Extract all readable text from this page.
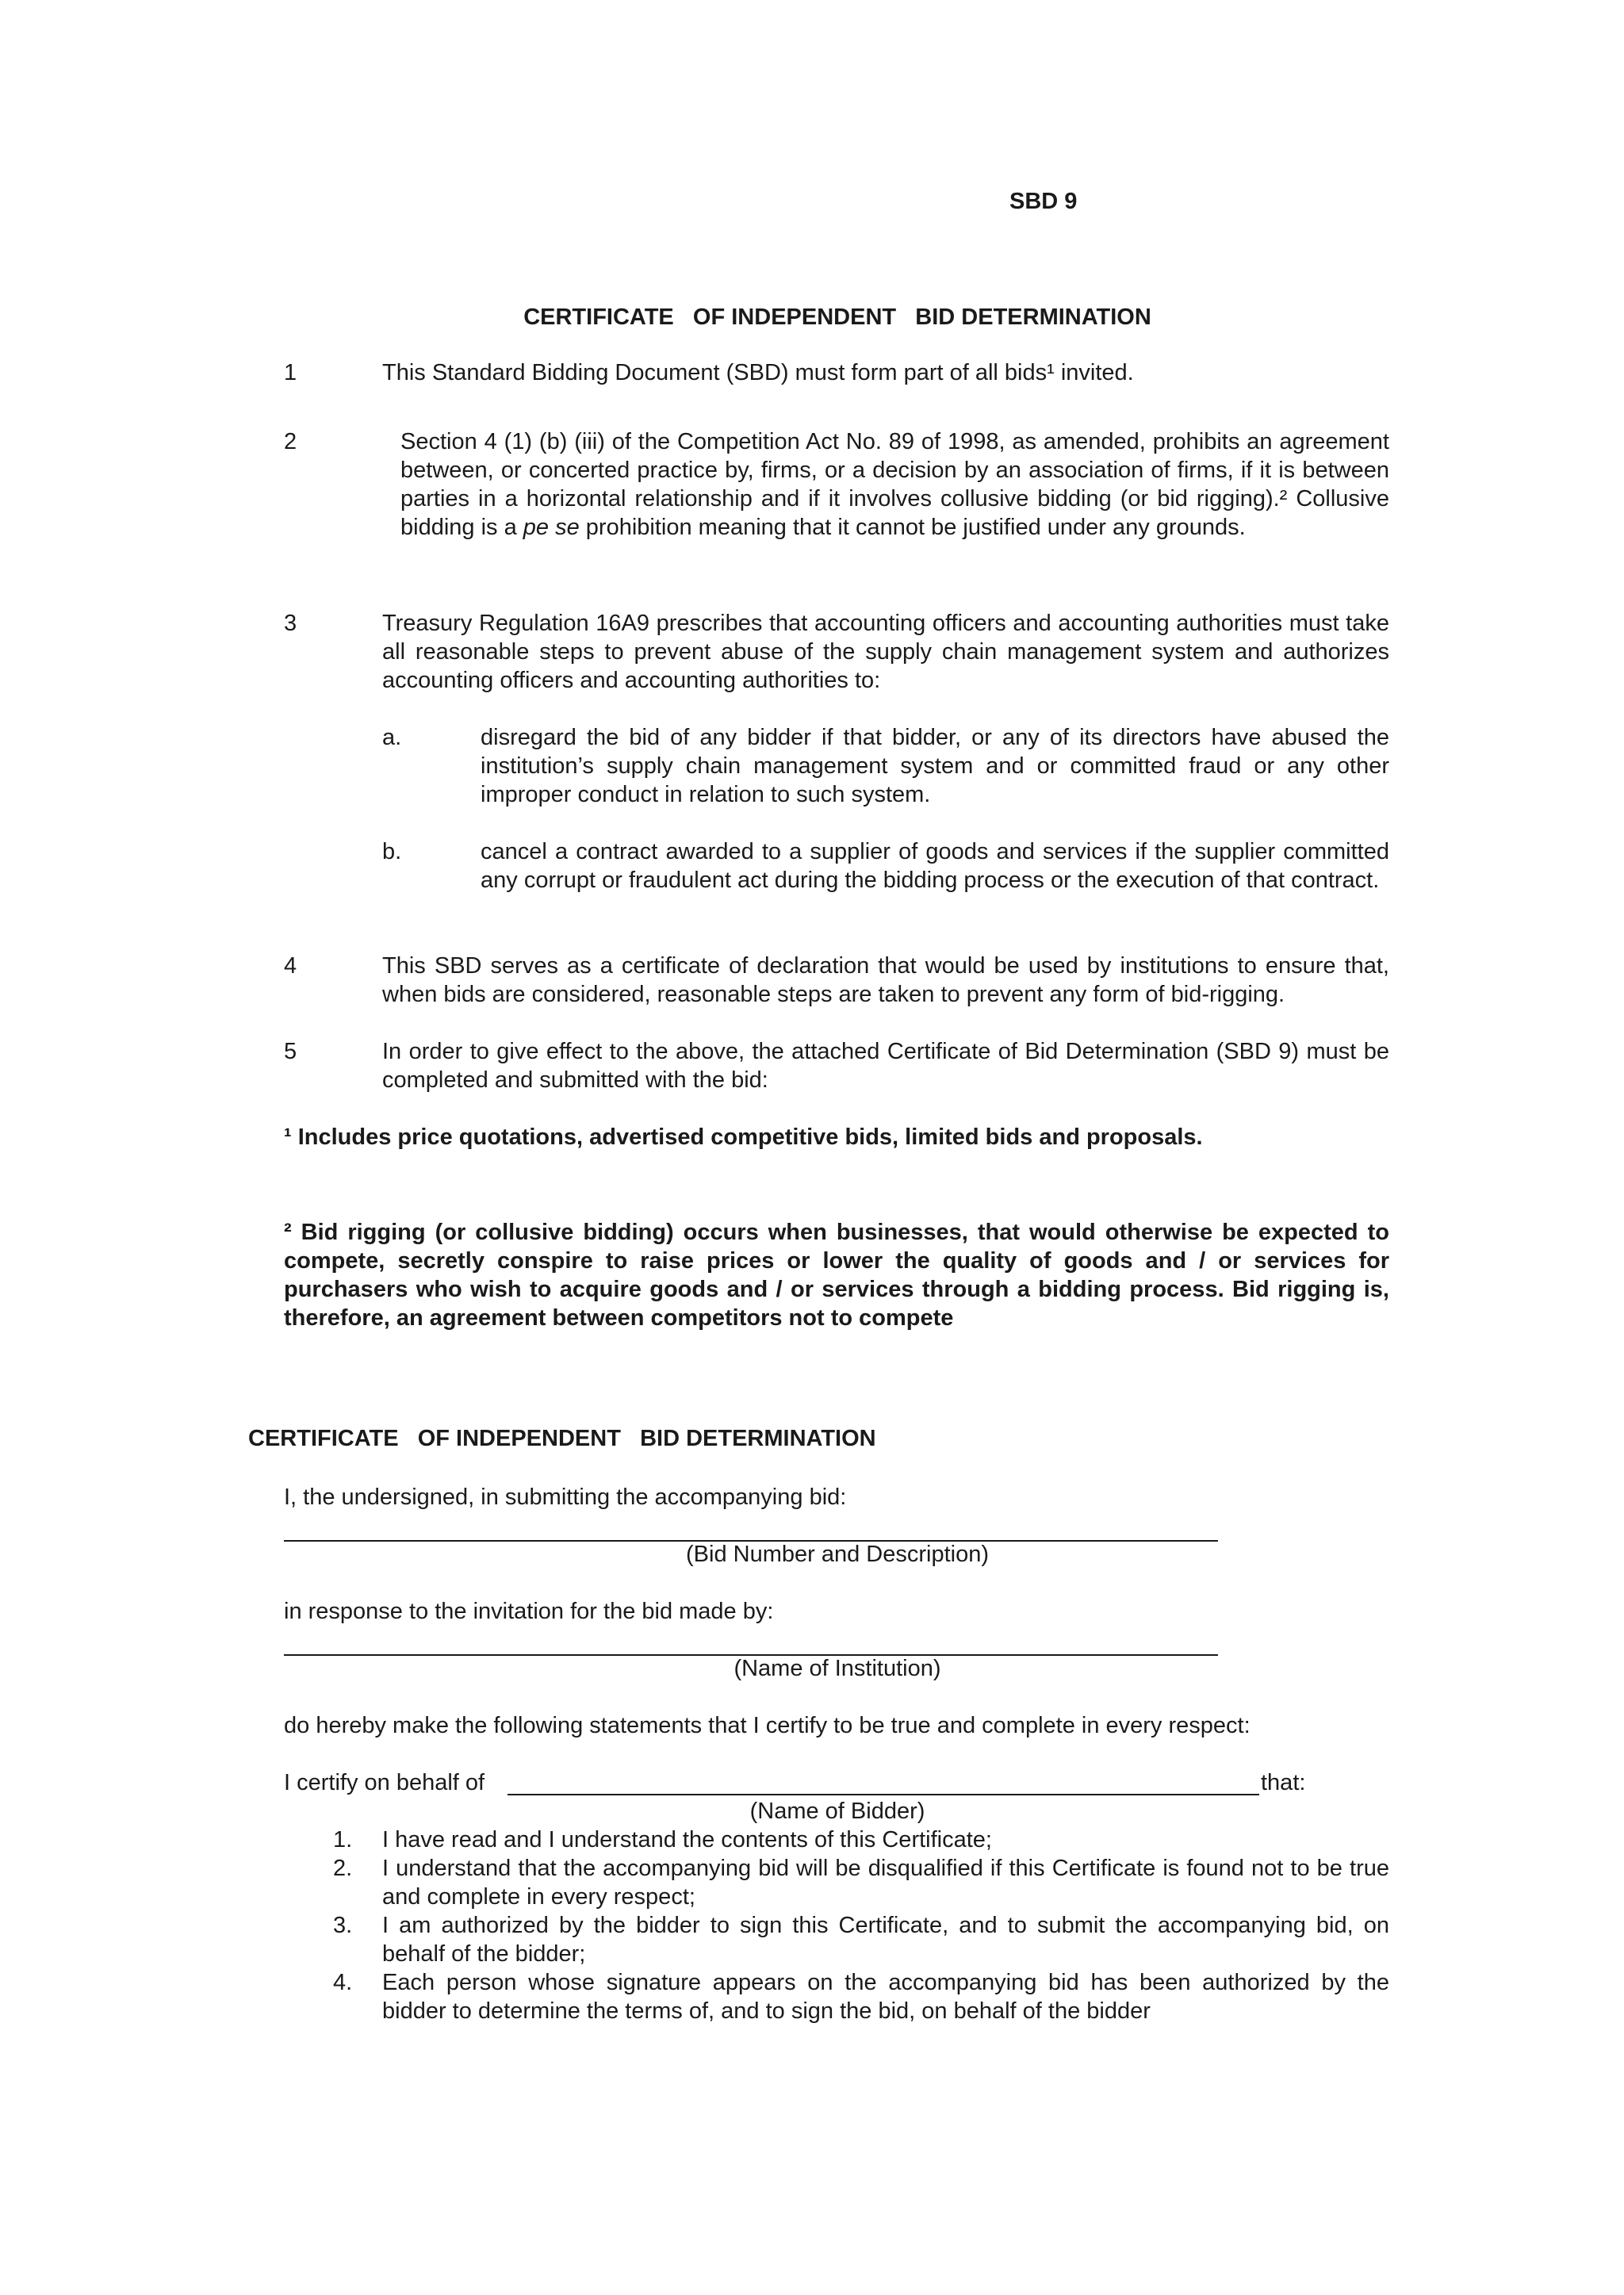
SBD 9
CERTIFICATE   OF INDEPENDENT   BID DETERMINATION
1	This Standard Bidding Document (SBD) must form part of all bids¹ invited.
2	Section 4 (1) (b) (iii) of the Competition Act No. 89 of 1998, as amended, prohibits an agreement between, or concerted practice by, firms, or a decision by an association of firms, if it is between parties in a horizontal relationship and if it involves collusive bidding (or bid rigging).² Collusive bidding is a pe se prohibition meaning that it cannot be justified under any grounds.
3	Treasury Regulation 16A9 prescribes that accounting officers and accounting authorities must take all reasonable steps to prevent abuse of the supply chain management system and authorizes accounting officers and accounting authorities to:
a.	disregard the bid of any bidder if that bidder, or any of its directors have abused the institution’s supply chain management system and or committed fraud or any other improper conduct in relation to such system.
b.	cancel a contract awarded to a supplier of goods and services if the supplier committed any corrupt or fraudulent act during the bidding process or the execution of that contract.
4	This SBD serves as a certificate of declaration that would be used by institutions to ensure that, when bids are considered, reasonable steps are taken to prevent any form of bid-rigging.
5	In order to give effect to the above, the attached Certificate of Bid Determination (SBD 9) must be completed and submitted with the bid:
¹ Includes price quotations, advertised competitive bids, limited bids and proposals.
² Bid rigging (or collusive bidding) occurs when businesses, that would otherwise be expected to compete, secretly conspire to raise prices or lower the quality of goods and / or services for purchasers who wish to acquire goods and / or services through a bidding process. Bid rigging is, therefore, an agreement between competitors not to compete
CERTIFICATE   OF INDEPENDENT   BID DETERMINATION
I, the undersigned, in submitting the accompanying bid:
(Bid Number and Description)
in response to the invitation for the bid made by:
(Name of Institution)
do hereby make the following statements that I certify to be true and complete in every respect:
I certify on behalf of	that:
(Name of Bidder)
1. I have read and I understand the contents of this Certificate;
2. I understand that the accompanying bid will be disqualified if this Certificate is found not to be true and complete in every respect;
3. I am authorized by the bidder to sign this Certificate, and to submit the accompanying bid, on behalf of the bidder;
4. Each person whose signature appears on the accompanying bid has been authorized by the bidder to determine the terms of, and to sign the bid, on behalf of the bidder
